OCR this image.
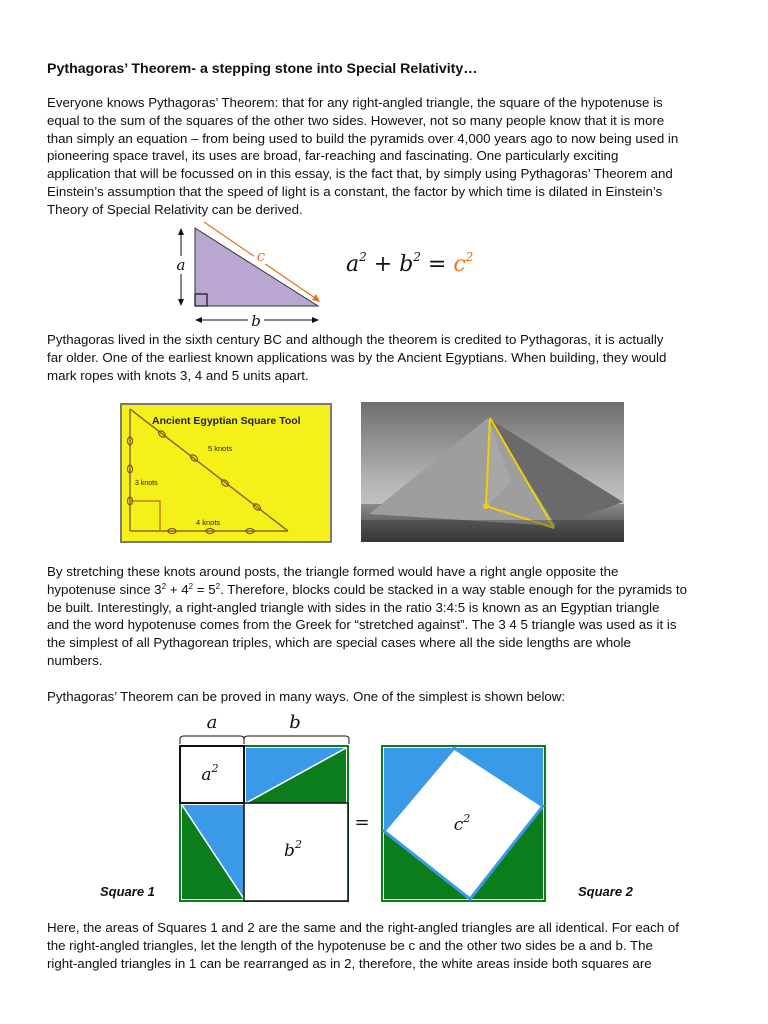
Pythagoras’ Theorem- a stepping stone into Special Relativity…
Everyone knows Pythagoras’ Theorem: that for any right-angled triangle, the square of the hypotenuse is
equal to the sum of the squares of the other two sides. However, not so many people know that it is more
than simply an equation – from being used to build the pyramids over 4,000 years ago to now being used in
pioneering space travel, its uses are broad, far-reaching and fascinating. One particularly exciting
application that will be focussed on in this essay, is the fact that, by simply using Pythagoras’ Theorem and
Einstein’s assumption that the speed of light is a constant, the factor by which time is dilated in Einstein’s
Theory of Special Relativity can be derived.
a
b
c	$a^2 + b^2 = c^2$
Pythagoras lived in the sixth century BC and although the theorem is credited to Pythagoras, it is actually
far older. One of the earliest known applications was by the Ancient Egyptians. When building, they would
mark ropes with knots 3, 4 and 5 units apart.
Ancient Egyptian Square Tool
5 knots
3 knots
4 knots
By stretching these knots around posts, the triangle formed would have a right angle opposite the
hypotenuse since $3^2 + 4^2 = 5^2$. Therefore, blocks could be stacked in a way stable enough for the pyramids to
be built. Interestingly, a right-angled triangle with sides in the ratio 3:4:5 is known as an Egyptian triangle
and the word hypotenuse comes from the Greek for “stretched against”. The 3 4 5 triangle was used as it is
the simplest of all Pythagorean triples, which are special cases where all the side lengths are whole
numbers.
Pythagoras’ Theorem can be proved in many ways. One of the simplest is shown below:
a	b
$a^2$
$b^2$
=	$c^2$
Square 1	Square 2
Here, the areas of Squares 1 and 2 are the same and the right-angled triangles are all identical. For each of
the right-angled triangles, let the length of the hypotenuse be c and the other two sides be a and b. The
right-angled triangles in 1 can be rearranged as in 2, therefore, the white areas inside both squares are
